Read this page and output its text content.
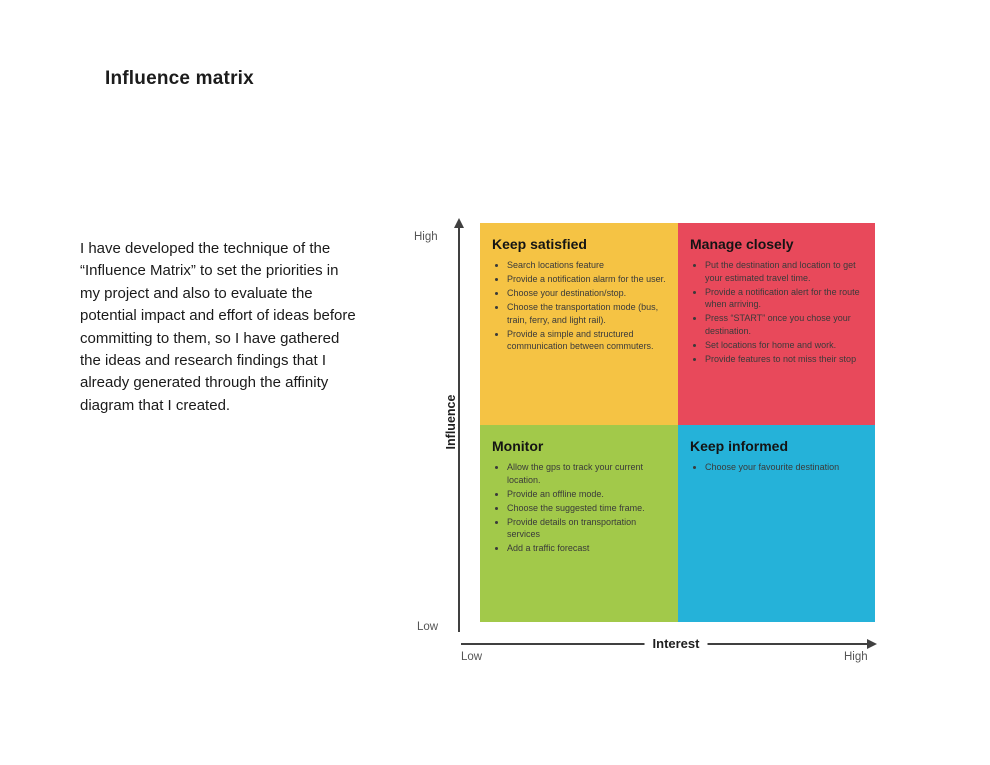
Influence matrix
I have developed the technique of the “Influence Matrix” to set the priorities in my project and also to evaluate the potential impact and effort of ideas before committing to them, so I have gathered the ideas and research findings that I already generated through the affinity diagram that I created.
Keep satisfied
• Search locations feature
• Provide a notification alarm for the user.
• Choose your destination/stop.
• Choose the transportation mode (bus, train, ferry, and light rail).
• Provide a simple and structured communication between commuters.
Manage closely
• Put the destination and location to get your estimated travel time.
• Provide a notification alert for the route when arriving.
• Press “START” once you chose your destination.
• Set locations for home and work.
• Provide features to not miss their stop
Monitor
• Allow the gps to track your current location.
• Provide an offline mode.
• Choose the suggested time frame.
• Provide details on transportation services
• Add a traffic forecast
Keep informed
• Choose your favourite destination
High
Low
Influence
Interest
Low	High
